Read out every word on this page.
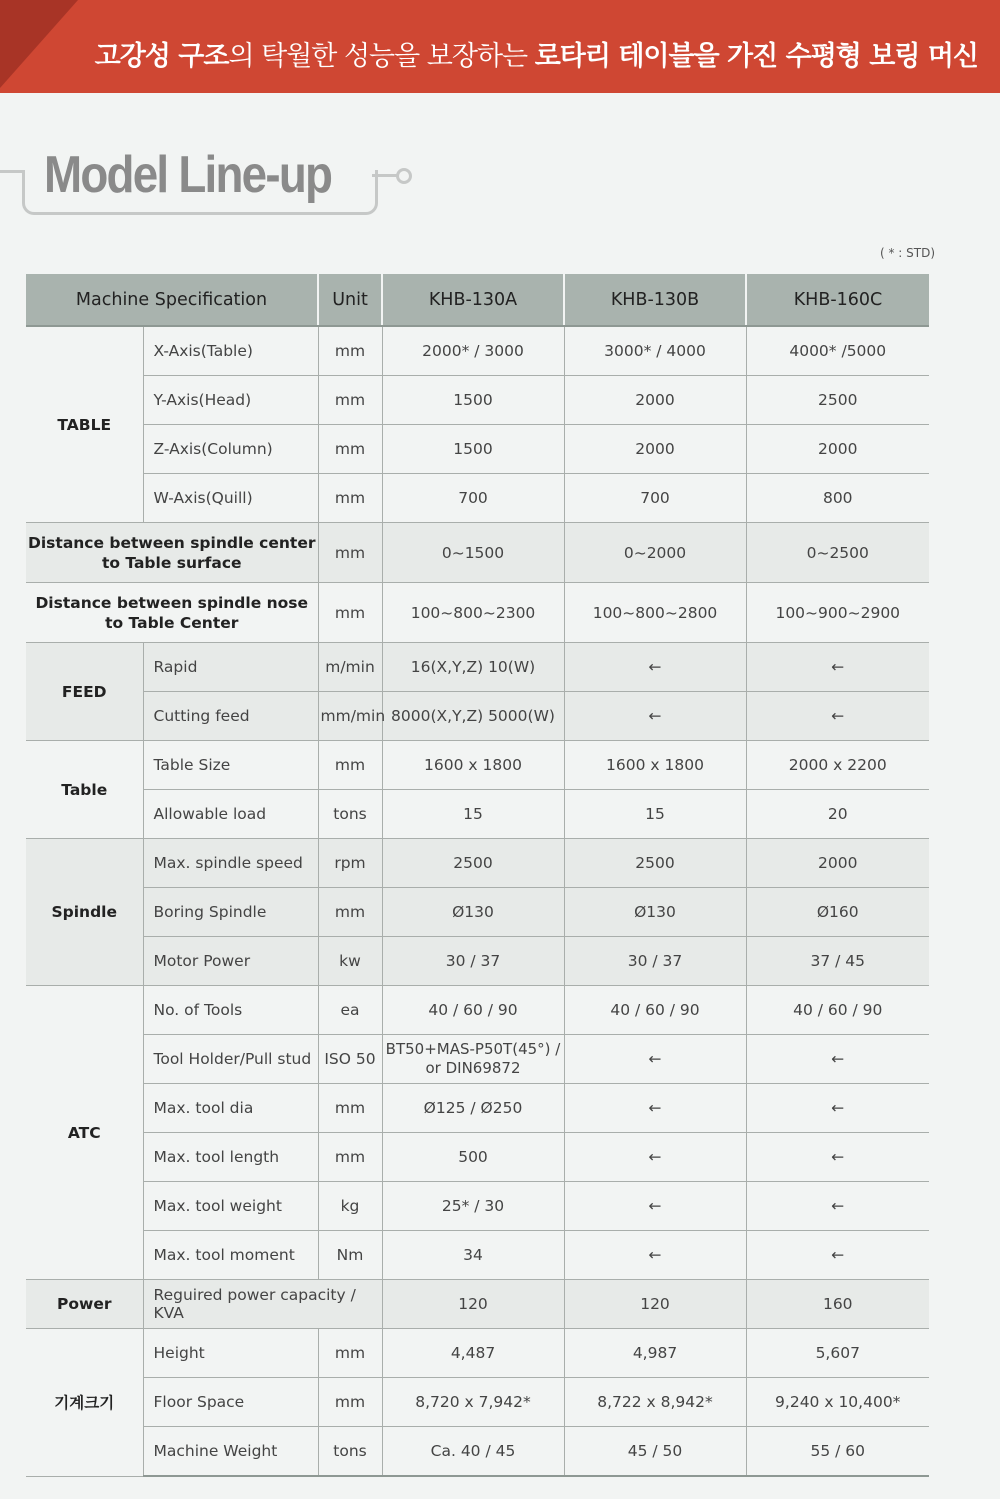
고강성 구조의 탁월한 성능을 보장하는 로타리 테이블을 가진 수평형 보링 머신
Model Line-up
( * : STD)
Machine Specification		Unit	KHB-130A	KHB-130B	KHB-160C
TABLE	X-Axis(Table)	mm	2000* / 3000	3000* / 4000	4000* /5000
	Y-Axis(Head)	mm	1500	2000	2500
	Z-Axis(Column)	mm	1500	2000	2000
	W-Axis(Quill)	mm	700	700	800
Distance between spindle center to Table surface		mm	0~1500	0~2000	0~2500
Distance between spindle nose to Table Center		mm	100~800~2300	100~800~2800	100~900~2900
FEED	Rapid	m/min	16(X,Y,Z) 10(W)	←	←
	Cutting feed	mm/min	8000(X,Y,Z) 5000(W)	←	←
Table	Table Size	mm	1600 x 1800	1600 x 1800	2000 x 2200
	Allowable load	tons	15	15	20
Spindle	Max. spindle speed	rpm	2500	2500	2000
	Boring Spindle	mm	Ø130	Ø130	Ø160
	Motor Power	kw	30 / 37	30 / 37	37 / 45
ATC	No. of Tools	ea	40 / 60 / 90	40 / 60 / 90	40 / 60 / 90
	Tool Holder/Pull stud	ISO 50	BT50+MAS-P50T(45°) / or DIN69872	←	←
	Max. tool dia	mm	Ø125 / Ø250	←	←
	Max. tool length	mm	500	←	←
	Max. tool weight	kg	25* / 30	←	←
	Max. tool moment	Nm	34	←	←
Power	Reguired power capacity / KVA		120	120	160
기계크기	Height	mm	4,487	4,987	5,607
	Floor Space	mm	8,720 x 7,942*	8,722 x 8,942*	9,240 x 10,400*
	Machine Weight	tons	Ca. 40 / 45	45 / 50	55 / 60
